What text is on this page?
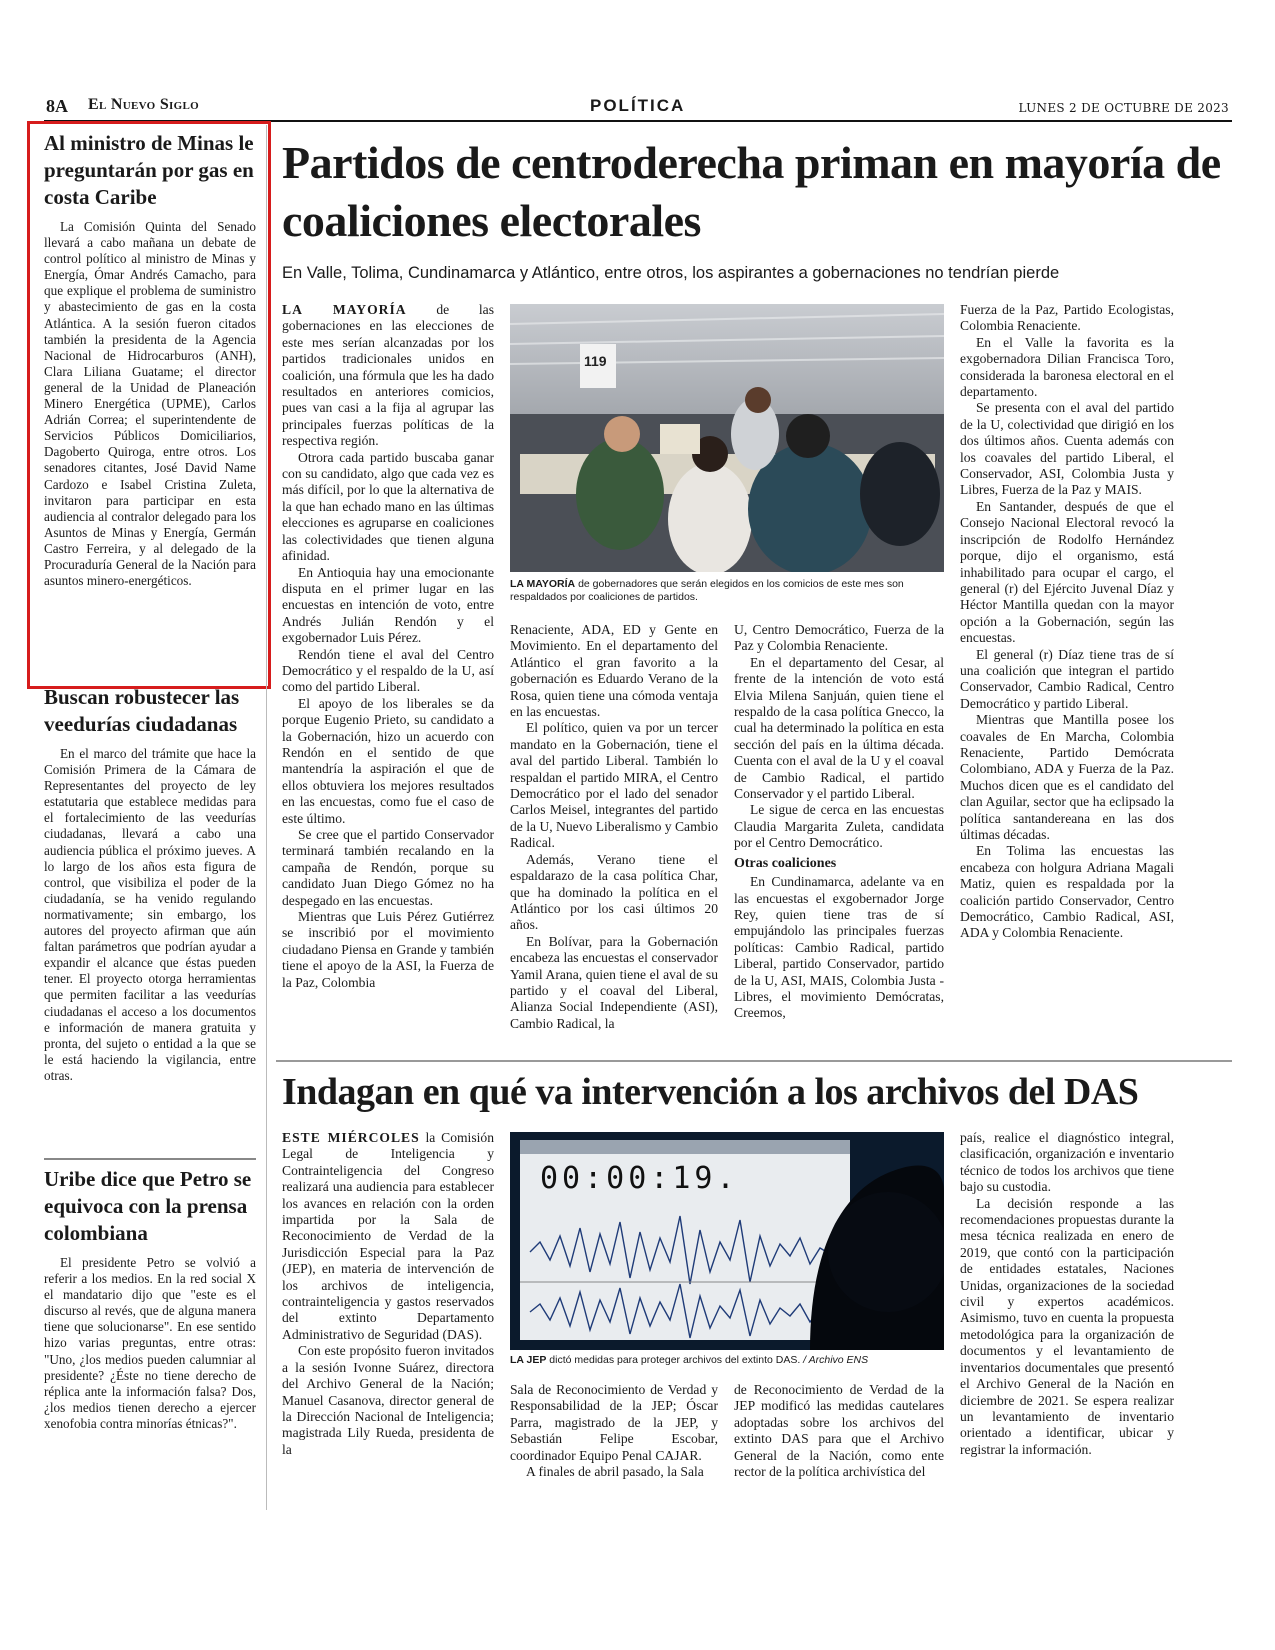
8A El Nuevo Siglo	POLÍTICA	LUNES 2 DE OCTUBRE DE 2023
Al ministro de Minas le preguntarán por gas en costa Caribe

La Comisión Quinta del Senado llevará a cabo mañana un debate de control político al ministro de Minas y Energía, Ómar Andrés Camacho, para que explique el problema de suministro y abastecimiento de gas en la costa Atlántica. A la sesión fueron citados también la presidenta de la Agencia Nacional de Hidrocarburos (ANH), Clara Liliana Guatame; el director general de la Unidad de Planeación Minero Energética (UPME), Carlos Adrián Correa; el superintendente de Servicios Públicos Domiciliarios, Dagoberto Quiroga, entre otros. Los senadores citantes, José David Name Cardozo e Isabel Cristina Zuleta, invitaron para participar en esta audiencia al contralor delegado para los Asuntos de Minas y Energía, Germán Castro Ferreira, y al delegado de la Procuraduría General de la Nación para asuntos minero-energéticos.

Buscan robustecer las veedurías ciudadanas

En el marco del trámite que hace la Comisión Primera de la Cámara de Representantes del proyecto de ley estatutaria que establece medidas para el fortalecimiento de las veedurías ciudadanas, llevará a cabo una audiencia pública el próximo jueves. A lo largo de los años esta figura de control, que visibiliza el poder de la ciudadanía, se ha venido regulando normativamente; sin embargo, los autores del proyecto afirman que aún faltan parámetros que podrían ayudar a expandir el alcance que éstas pueden tener. El proyecto otorga herramientas que permiten facilitar a las veedurías ciudadanas el acceso a los documentos e información de manera gratuita y pronta, del sujeto o entidad a la que se le está haciendo la vigilancia, entre otras.

Uribe dice que Petro se equivoca con la prensa colombiana

El presidente Petro se volvió a referir a los medios. En la red social X el mandatario dijo que "este es el discurso al revés, que de alguna manera tiene que solucionarse". En ese sentido hizo varias preguntas, entre otras: "Uno, ¿los medios pueden calumniar al presidente? ¿Éste no tiene derecho de réplica ante la información falsa? Dos, ¿los medios tienen derecho a ejercer xenofobia contra minorías étnicas?".

Partidos de centroderecha priman en mayoría de coaliciones electorales
En Valle, Tolima, Cundinamarca y Atlántico, entre otros, los aspirantes a gobernaciones no tendrían pierde

LA MAYORÍA de las gobernaciones en las elecciones de este mes serían alcanzadas por los partidos tradicionales unidos en coalición, una fórmula que les ha dado resultados en anteriores comicios, pues van casi a la fija al agrupar las principales fuerzas políticas de la respectiva región.

Otrora cada partido buscaba ganar con su candidato, algo que cada vez es más difícil, por lo que la alternativa de la que han echado mano en las últimas elecciones es agruparse en coaliciones las colectividades que tienen alguna afinidad.

En Antioquia hay una emocionante disputa en el primer lugar en las encuestas en intención de voto, entre Andrés Julián Rendón y el exgobernador Luis Pérez.

Rendón tiene el aval del Centro Democrático y el respaldo de la U, así como del partido Liberal.

El apoyo de los liberales se da porque Eugenio Prieto, su candidato a la Gobernación, hizo un acuerdo con Rendón en el sentido de que mantendría la aspiración el que de ellos obtuviera los mejores resultados en las encuestas, como fue el caso de este último.

Se cree que el partido Conservador terminará también recalando en la campaña de Rendón, porque su candidato Juan Diego Gómez no ha despegado en las encuestas.

Mientras que Luis Pérez Gutiérrez se inscribió por el movimiento ciudadano Piensa en Grande y también tiene el apoyo de la ASI, la Fuerza de la Paz, Colombia

119
LA MAYORÍA de gobernadores que serán elegidos en los comicios de este mes son respaldados por coaliciones de partidos.

Renaciente, ADA, ED y Gente en Movimiento. En el departamento del Atlántico el gran favorito a la gobernación es Eduardo Verano de la Rosa, quien tiene una cómoda ventaja en las encuestas.

El político, quien va por un tercer mandato en la Gobernación, tiene el aval del partido Liberal. También lo respaldan el partido MIRA, el Centro Democrático por el lado del senador Carlos Meisel, integrantes del partido de la U, Nuevo Liberalismo y Cambio Radical.

Además, Verano tiene el espaldarazo de la casa política Char, que ha dominado la política en el Atlántico por los casi últimos 20 años.

En Bolívar, para la Gobernación encabeza las encuestas el conservador Yamil Arana, quien tiene el aval de su partido y el coaval del Liberal, Alianza Social Independiente (ASI), Cambio Radical, la

U, Centro Democrático, Fuerza de la Paz y Colombia Renaciente.

En el departamento del Cesar, al frente de la intención de voto está Elvia Milena Sanjuán, quien tiene el respaldo de la casa política Gnecco, la cual ha determinado la política en esta sección del país en la última década. Cuenta con el aval de la U y el coaval de Cambio Radical, el partido Conservador y el partido Liberal.

Le sigue de cerca en las encuestas Claudia Margarita Zuleta, candidata por el Centro Democrático.

Otras coaliciones

En Cundinamarca, adelante va en las encuestas el exgobernador Jorge Rey, quien tiene tras de sí empujándolo las principales fuerzas políticas: Cambio Radical, partido Liberal, partido Conservador, partido de la U, ASI, MAIS, Colombia Justa - Libres, el movimiento Demócratas, Creemos,

Fuerza de la Paz, Partido Ecologistas, Colombia Renaciente.

En el Valle la favorita es la exgobernadora Dilian Francisca Toro, considerada la baronesa electoral en el departamento.

Se presenta con el aval del partido de la U, colectividad que dirigió en los dos últimos años. Cuenta además con los coavales del partido Liberal, el Conservador, ASI, Colombia Justa y Libres, Fuerza de la Paz y MAIS.

En Santander, después de que el Consejo Nacional Electoral revocó la inscripción de Rodolfo Hernández porque, dijo el organismo, está inhabilitado para ocupar el cargo, el general (r) del Ejército Juvenal Díaz y Héctor Mantilla quedan con la mayor opción a la Gobernación, según las encuestas.

El general (r) Díaz tiene tras de sí una coalición que integran el partido Conservador, Cambio Radical, Centro Democrático y partido Liberal.

Mientras que Mantilla posee los coavales de En Marcha, Colombia Renaciente, Partido Demócrata Colombiano, ADA y Fuerza de la Paz. Muchos dicen que es el candidato del clan Aguilar, sector que ha eclipsado la política santandereana en las dos últimas décadas.

En Tolima las encuestas las encabeza con holgura Adriana Magali Matiz, quien es respaldada por la coalición partido Conservador, Centro Democrático, Cambio Radical, ASI, ADA y Colombia Renaciente.

Indagan en qué va intervención a los archivos del DAS

ESTE MIÉRCOLES la Comisión Legal de Inteligencia y Contrainteligencia del Congreso realizará una audiencia para establecer los avances en relación con la orden impartida por la Sala de Reconocimiento de Verdad de la Jurisdicción Especial para la Paz (JEP), en materia de intervención de los archivos de inteligencia, contrainteligencia y gastos reservados del extinto Departamento Administrativo de Seguridad (DAS).

Con este propósito fueron invitados a la sesión Ivonne Suárez, directora del Archivo General de la Nación; Manuel Casanova, director general de la Dirección Nacional de Inteligencia; magistrada Lily Rueda, presidenta de la

00:00:19.
LA JEP dictó medidas para proteger archivos del extinto DAS. / Archivo ENS

Sala de Reconocimiento de Verdad y Responsabilidad de la JEP; Óscar Parra, magistrado de la JEP, y Sebastián Felipe Escobar, coordinador Equipo Penal CAJAR.

A finales de abril pasado, la Sala

de Reconocimiento de Verdad de la JEP modificó las medidas cautelares adoptadas sobre los archivos del extinto DAS para que el Archivo General de la Nación, como ente rector de la política archivística del

país, realice el diagnóstico integral, clasificación, organización e inventario técnico de todos los archivos que tiene bajo su custodia.

La decisión responde a las recomendaciones propuestas durante la mesa técnica realizada en enero de 2019, que contó con la participación de entidades estatales, Naciones Unidas, organizaciones de la sociedad civil y expertos académicos. Asimismo, tuvo en cuenta la propuesta metodológica para la organización de documentos y el levantamiento de inventarios documentales que presentó el Archivo General de la Nación en diciembre de 2021. Se espera realizar un levantamiento de inventario orientado a identificar, ubicar y registrar la información.
